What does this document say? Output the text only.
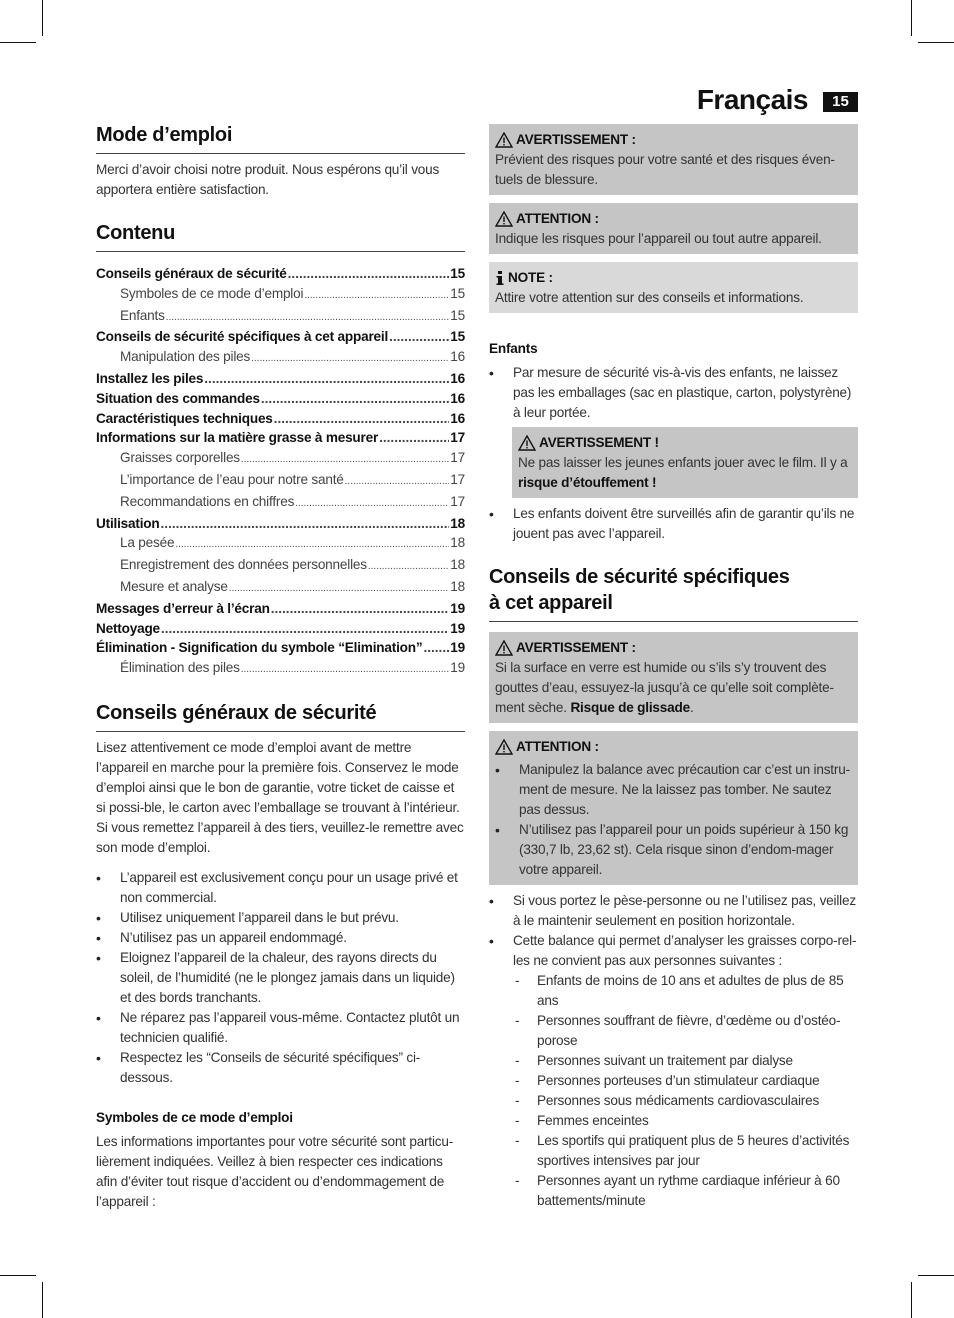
Français	15
Mode d’emploi

Merci d’avoir choisi notre produit. Nous espérons qu’il vous apportera entière satisfaction.

Contenu
Conseils généraux de sécurité .....	15
Symboles de ce mode d’emploi .....	15
Enfants .....	15
Conseils de sécurité spécifiques à cet appareil .....	15
Manipulation des piles .....	16
Installez les piles .....	16
Situation des commandes .....	16
Caractéristiques techniques .....	16
Informations sur la matière grasse à mesurer .....	17
Graisses corporelles .....	17
L’importance de l’eau pour notre santé .....	17
Recommandations en chiffres .....	17
Utilisation .....	18
La pesée .....	18
Enregistrement des données personnelles .....	18
Mesure et analyse .....	18
Messages d’erreur à l’écran .....	19
Nettoyage .....	19
Élimination - Signification du symbole “Elimination” ..... 19
Élimination des piles .....	19
Conseils généraux de sécurité

Lisez attentivement ce mode d’emploi avant de mettre l’appareil en marche pour la première fois. Conservez le mode d’emploi ainsi que le bon de garantie, votre ticket de caisse et si possi-ble, le carton avec l’emballage se trouvant à l’intérieur. Si vous remettez l’appareil à des tiers, veuillez-le remettre avec son mode d’emploi.

• L’appareil est exclusivement conçu pour un usage privé et non commercial.
• Utilisez uniquement l’appareil dans le but prévu.
• N’utilisez pas un appareil endommagé.
• Eloignez l’appareil de la chaleur, des rayons directs du soleil, de l’humidité (ne le plongez jamais dans un liquide) et des bords tranchants.
• Ne réparez pas l’appareil vous-même. Contactez plutôt un technicien qualifié.
• Respectez les “Conseils de sécurité spécifiques” ci-dessous.

Symboles de ce mode d’emploi

Les informations importantes pour votre sécurité sont particu-lièrement indiquées. Veillez à bien respecter ces indications afin d’éviter tout risque d’accident ou d’endommagement de l’appareil :

AVERTISSEMENT :
Prévient des risques pour votre santé et des risques éven-tuels de blessure.
ATTENTION :
Indique les risques pour l’appareil ou tout autre appareil.
NOTE :
Attire votre attention sur des conseils et informations.

Enfants

• Par mesure de sécurité vis-à-vis des enfants, ne laissez pas les emballages (sac en plastique, carton, polystyrène) à leur portée.
AVERTISSEMENT !
Ne pas laisser les jeunes enfants jouer avec le film. Il y a risque d’étouffement !
• Les enfants doivent être surveillés afin de garantir qu’ils ne jouent pas avec l’appareil.
Conseils de sécurité spécifiques
à cet appareil
AVERTISSEMENT :
Si la surface en verre est humide ou s’ils s’y trouvent des gouttes d’eau, essuyez-la jusqu’à ce qu’elle soit complète-ment sèche. Risque de glissade.
ATTENTION :
• Manipulez la balance avec précaution car c’est un instru-ment de mesure. Ne la laissez pas tomber. Ne sautez pas dessus.
• N’utilisez pas l’appareil pour un poids supérieur à 150 kg (330,7 lb, 23,62 st). Cela risque sinon d’endom-mager votre appareil.
• Si vous portez le pèse-personne ou ne l’utilisez pas, veillez à le maintenir seulement en position horizontale.
• Cette balance qui permet d’analyser les graisses corpo-rel-les ne convient pas aux personnes suivantes :
- Enfants de moins de 10 ans et adultes de plus de 85 ans
- Personnes souffrant de fièvre, d’œdème ou d’ostéo-porose
- Personnes suivant un traitement par dialyse
- Personnes porteuses d’un stimulateur cardiaque
- Personnes sous médicaments cardiovasculaires
- Femmes enceintes
- Les sportifs qui pratiquent plus de 5 heures d’activités sportives intensives par jour
- Personnes ayant un rythme cardiaque inférieur à 60 battements/minute
